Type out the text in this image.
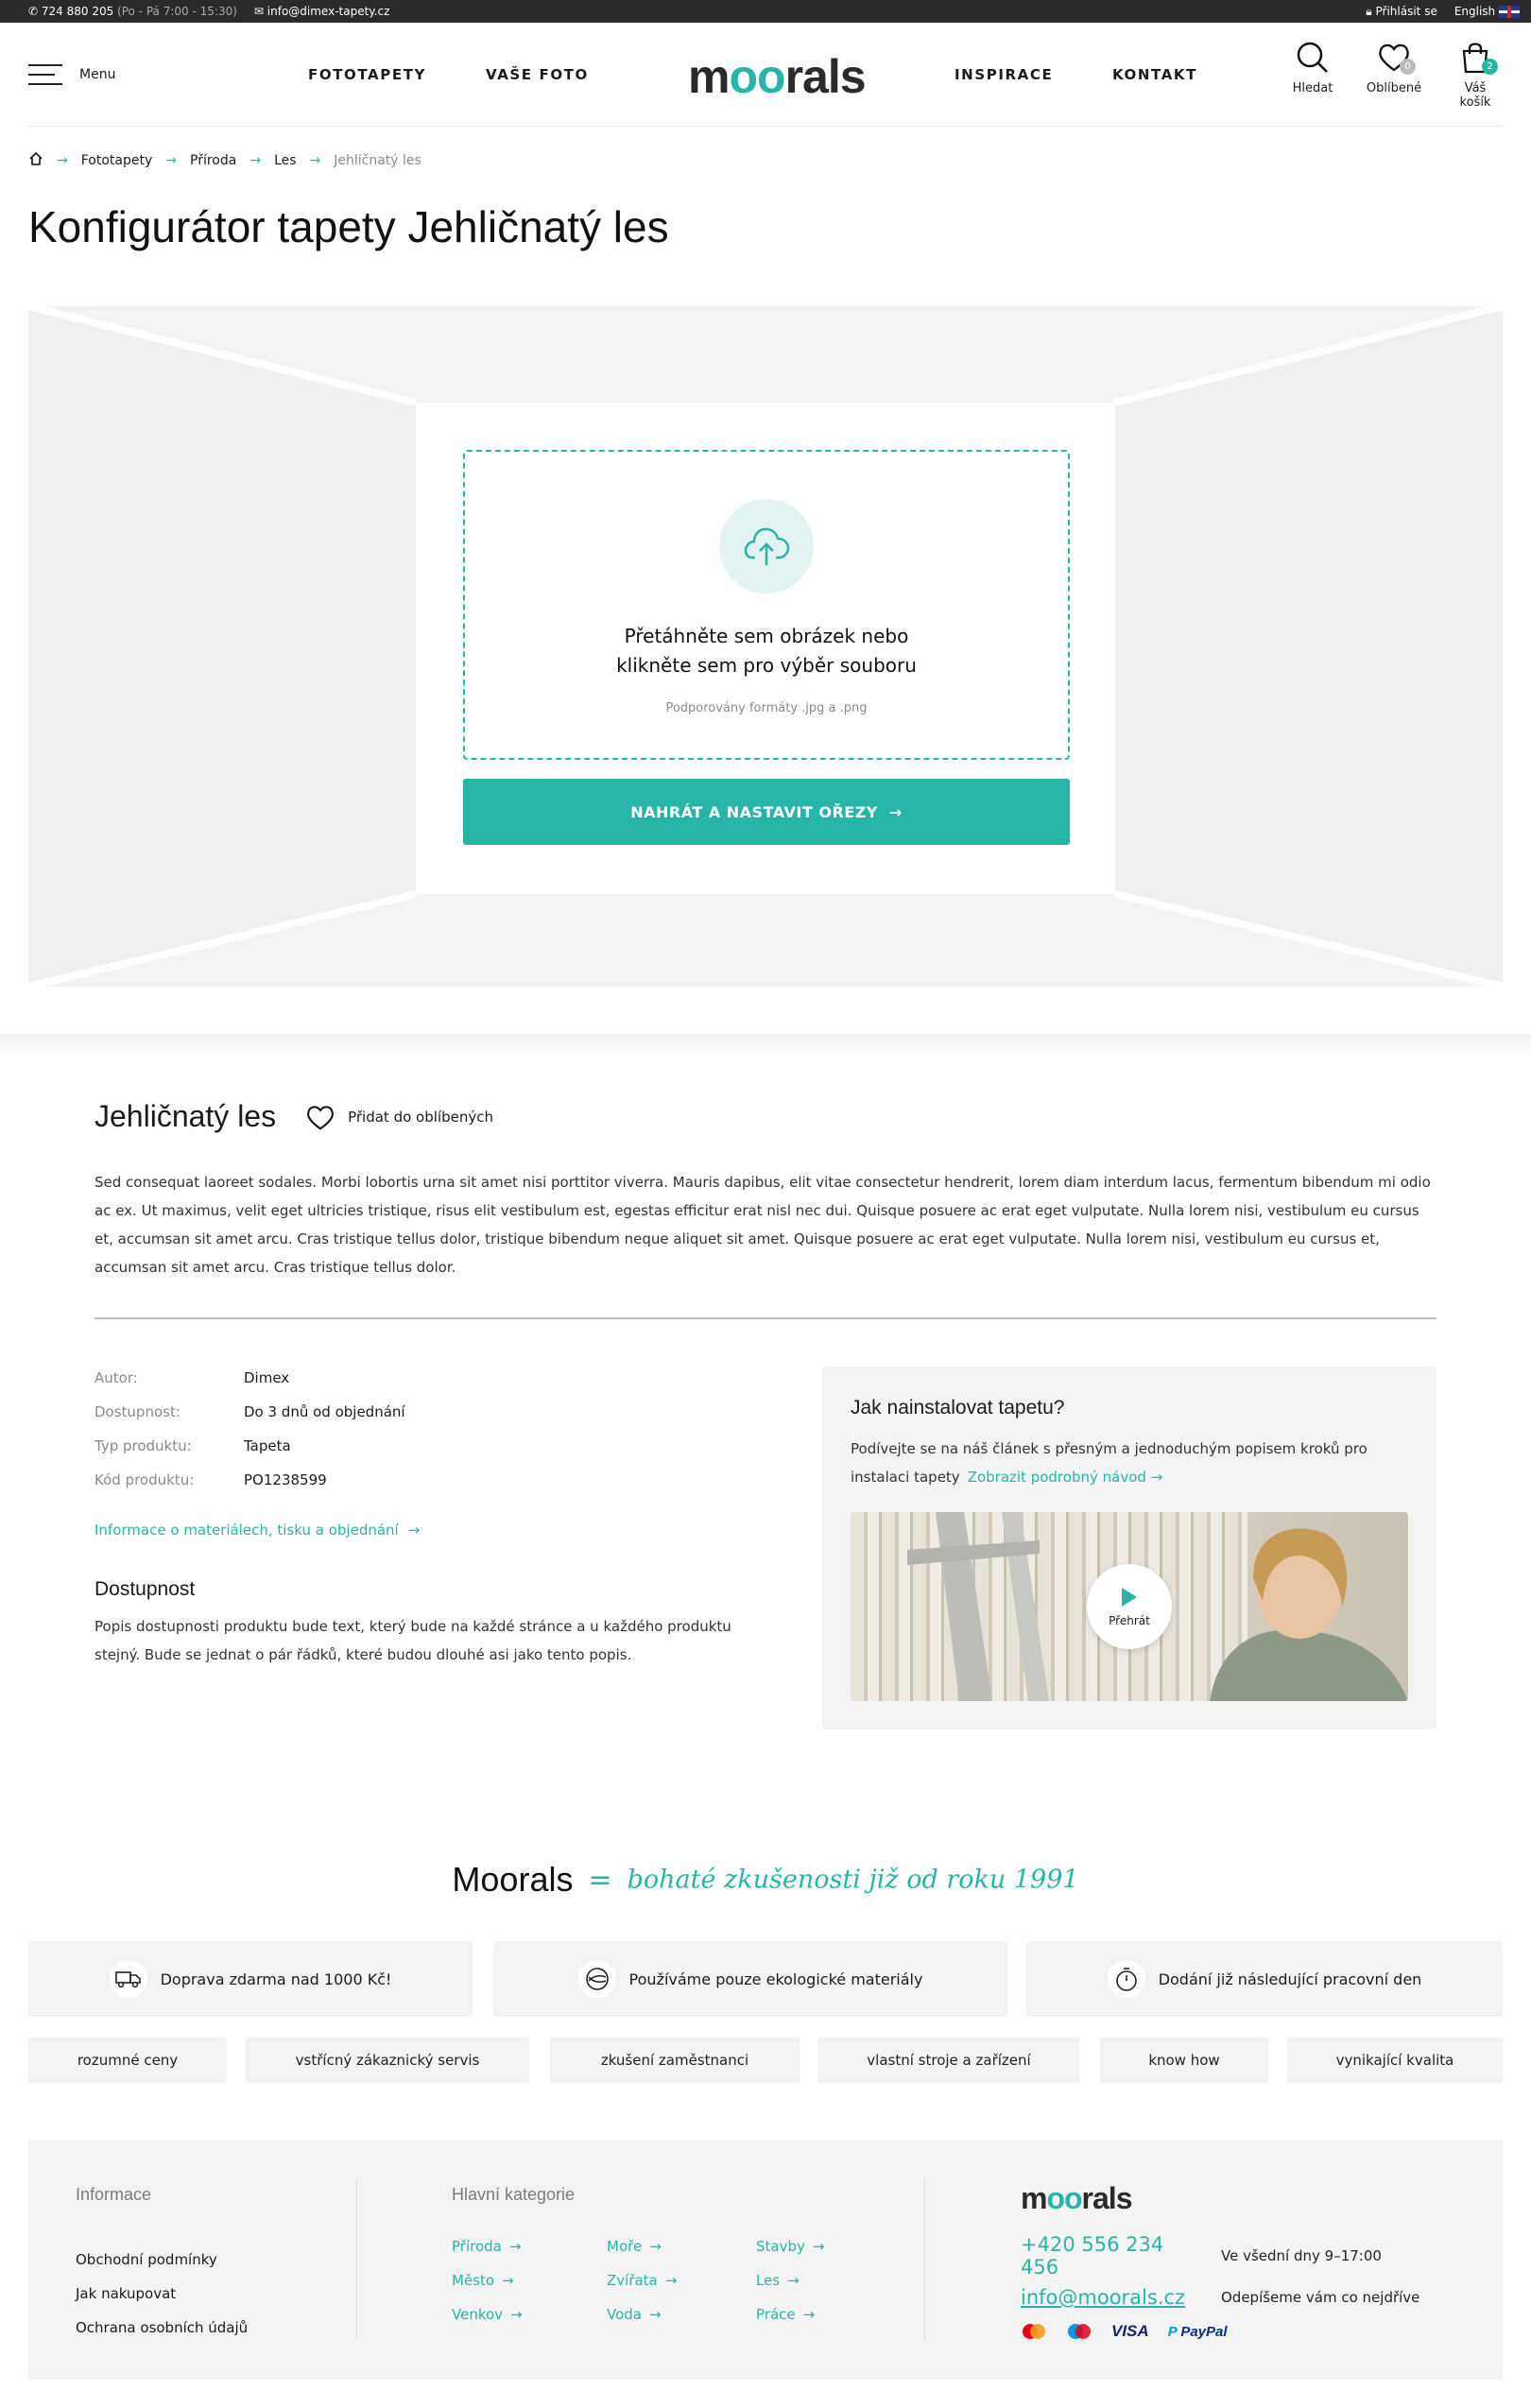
✆ 724 880 205 (Po - Pá 7:00 - 15:30) ✉ info@dimex-tapety.cz	🔒︎ Přihlásit se English
Menu	FOTOTAPETY	VAŠE FOTO moorals	INSPIRACE	KONTAKT
Hledat
0
Oblíbené
2
Váš košík
→ Fototapety → Příroda → Les → Jehličnatý les
Konfigurátor tapety Jehličnatý les
Přetáhněte sem obrázek nebo
klikněte sem pro výběr souboru
Podporovány formáty .jpg a .png
NAHRÁT A NASTAVIT OŘEZY →
Jehličnatý les	Přidat do oblíbených

Sed consequat laoreet sodales. Morbi lobortis urna sit amet nisi porttitor viverra. Mauris dapibus, elit vitae consectetur hendrerit, lorem diam interdum lacus, fermentum bibendum mi odio ac ex. Ut maximus, velit eget ultricies tristique, risus elit vestibulum est, egestas efficitur erat nisl nec dui. Quisque posuere ac erat eget vulputate. Nulla lorem nisi, vestibulum eu cursus et, accumsan sit amet arcu. Cras tristique tellus dolor, tristique bibendum neque aliquet sit amet. Quisque posuere ac erat eget vulputate. Nulla lorem nisi, vestibulum eu cursus et, accumsan sit amet arcu. Cras tristique tellus dolor.

Autor:	Dimex
Dostupnost:	Do 3 dnů od objednání
Typ produktu:	Tapeta
Kód produktu:	PO1238599
Informace o materiálech, tisku a objednání →
Dostupnost

Popis dostupnosti produktu bude text, který bude na každé stránce a u každého produktu stejný. Bude se jednat o pár řádků, které budou dlouhé asi jako tento popis.

Jak nainstalovat tapetu?

Podívejte se na náš článek s přesným a jednoduchým popisem kroků pro instalaci tapety Zobrazit podrobný návod →

Přehrát
Moorals = bohaté zkušenosti již od roku 1991
Doprava zdarma nad 1000 Kč!	Používáme pouze ekologické materiály	Dodání již následující pracovní den
rozumné ceny	vstřícný zákaznický servis	zkušení zaměstnanci	vlastní stroje a zařízení	know how	vynikající kvalita
Informace
Obchodní podmínky
Jak nakupovat
Ochrana osobních údajů
Hlavní kategorie
Příroda →	Moře →	Stavby →
Město →	Zvířata →	Les →
Venkov →	Voda →	Práce →
moorals
+420 556 234 456	Ve všední dny 9–17:00
info@moorals.cz	Odepíšeme vám co nejdříve
VISA P PayPal
